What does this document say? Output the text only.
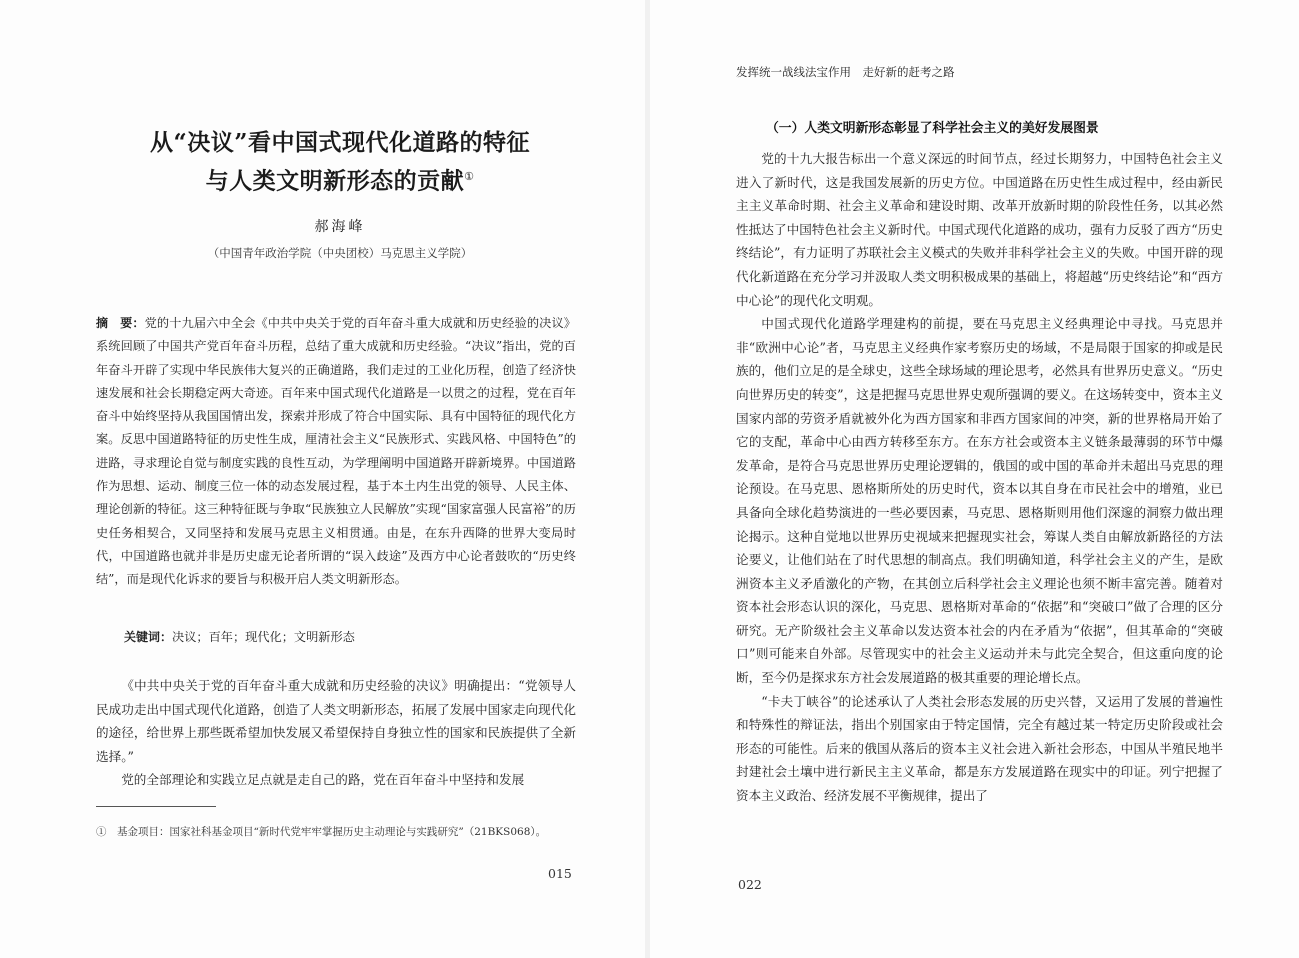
从“决议”看中国式现代化道路的特征
与人类文明新形态的贡献①
郝海峰
（中国青年政治学院（中央团校）马克思主义学院）
摘　要：党的十九届六中全会《中共中央关于党的百年奋斗重大成就和历史经验的决议》系统回顾了中国共产党百年奋斗历程，总结了重大成就和历史经验。“决议”指出，党的百年奋斗开辟了实现中华民族伟大复兴的正确道路，我们走过的工业化历程，创造了经济快速发展和社会长期稳定两大奇迹。百年来中国式现代化道路是一以贯之的过程，党在百年奋斗中始终坚持从我国国情出发，探索并形成了符合中国实际、具有中国特征的现代化方案。反思中国道路特征的历史性生成，厘清社会主义“民族形式、实践风格、中国特色”的进路，寻求理论自觉与制度实践的良性互动，为学理阐明中国道路开辟新境界。中国道路作为思想、运动、制度三位一体的动态发展过程，基于本土内生出党的领导、人民主体、理论创新的特征。这三种特征既与争取“民族独立人民解放”实现“国家富强人民富裕”的历史任务相契合，又同坚持和发展马克思主义相贯通。由是，在东升西降的世界大变局时代，中国道路也就并非是历史虚无论者所谓的“误入歧途”及西方中心论者鼓吹的“历史终结”，而是现代化诉求的要旨与积极开启人类文明新形态。
关键词：决议；百年；现代化；文明新形态

《中共中央关于党的百年奋斗重大成就和历史经验的决议》明确提出：“党领导人民成功走出中国式现代化道路，创造了人类文明新形态，拓展了发展中国家走向现代化的途径，给世界上那些既希望加快发展又希望保持自身独立性的国家和民族提供了全新选择。”

党的全部理论和实践立足点就是走自己的路，党在百年奋斗中坚持和发展

①　基金项目：国家社科基金项目“新时代党牢牢掌握历史主动理论与实践研究”（21BKS068）。
015
发挥统一战线法宝作用　走好新的赶考之路
（一）人类文明新形态彰显了科学社会主义的美好发展图景

党的十九大报告标出一个意义深远的时间节点，经过长期努力，中国特色社会主义进入了新时代，这是我国发展新的历史方位。中国道路在历史性生成过程中，经由新民主主义革命时期、社会主义革命和建设时期、改革开放新时期的阶段性任务，以其必然性抵达了中国特色社会主义新时代。中国式现代化道路的成功，强有力反驳了西方“历史终结论”，有力证明了苏联社会主义模式的失败并非科学社会主义的失败。中国开辟的现代化新道路在充分学习并汲取人类文明积极成果的基础上，将超越“历史终结论”和“西方中心论”的现代化文明观。

中国式现代化道路学理建构的前提，要在马克思主义经典理论中寻找。马克思并非“欧洲中心论”者，马克思主义经典作家考察历史的场域，不是局限于国家的抑或是民族的，他们立足的是全球史，这些全球场域的理论思考，必然具有世界历史意义。“历史向世界历史的转变”，这是把握马克思世界史观所强调的要义。在这场转变中，资本主义国家内部的劳资矛盾就被外化为西方国家和非西方国家间的冲突，新的世界格局开始了它的支配，革命中心由西方转移至东方。在东方社会或资本主义链条最薄弱的环节中爆发革命，是符合马克思世界历史理论逻辑的，俄国的或中国的革命并未超出马克思的理论预设。在马克思、恩格斯所处的历史时代，资本以其自身在市民社会中的增殖，业已具备向全球化趋势演进的一些必要因素，马克思、恩格斯则用他们深邃的洞察力做出理论揭示。这种自觉地以世界历史视域来把握现实社会，筹谋人类自由解放新路径的方法论要义，让他们站在了时代思想的制高点。我们明确知道，科学社会主义的产生，是欧洲资本主义矛盾激化的产物，在其创立后科学社会主义理论也须不断丰富完善。随着对资本社会形态认识的深化，马克思、恩格斯对革命的“依据”和“突破口”做了合理的区分研究。无产阶级社会主义革命以发达资本社会的内在矛盾为“依据”，但其革命的“突破口”则可能来自外部。尽管现实中的社会主义运动并未与此完全契合，但这重向度的论断，至今仍是探求东方社会发展道路的极其重要的理论增长点。

“卡夫丁峡谷”的论述承认了人类社会形态发展的历史兴替，又运用了发展的普遍性和特殊性的辩证法，指出个别国家由于特定国情，完全有越过某一特定历史阶段或社会形态的可能性。后来的俄国从落后的资本主义社会进入新社会形态，中国从半殖民地半封建社会土壤中进行新民主主义革命，都是东方发展道路在现实中的印证。列宁把握了资本主义政治、经济发展不平衡规律，提出了

022
